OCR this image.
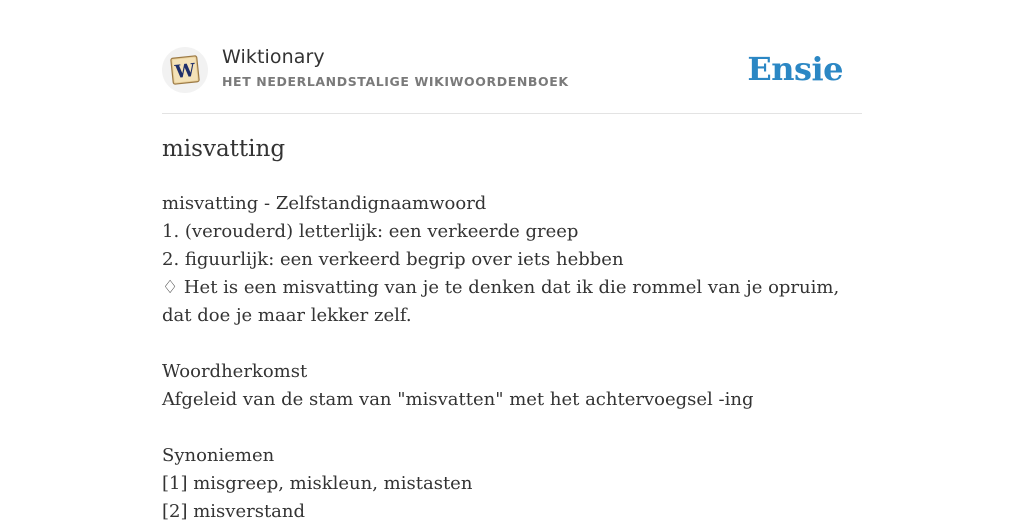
W
Wiktionary
HET NEDERLANDSTALIGE WIKIWOORDENBOEK	Ensie
misvatting
misvatting - Zelfstandignaamwoord
1. (verouderd) letterlijk: een verkeerde greep
2. figuurlijk: een verkeerd begrip over iets hebben
♢ Het is een misvatting van je te denken dat ik die rommel van je opruim, dat doe je maar lekker zelf.
Woordherkomst
Afgeleid van de stam van "misvatten" met het achtervoegsel -ing
Synoniemen
[1] misgreep, miskleun, mistasten
[2] misverstand
